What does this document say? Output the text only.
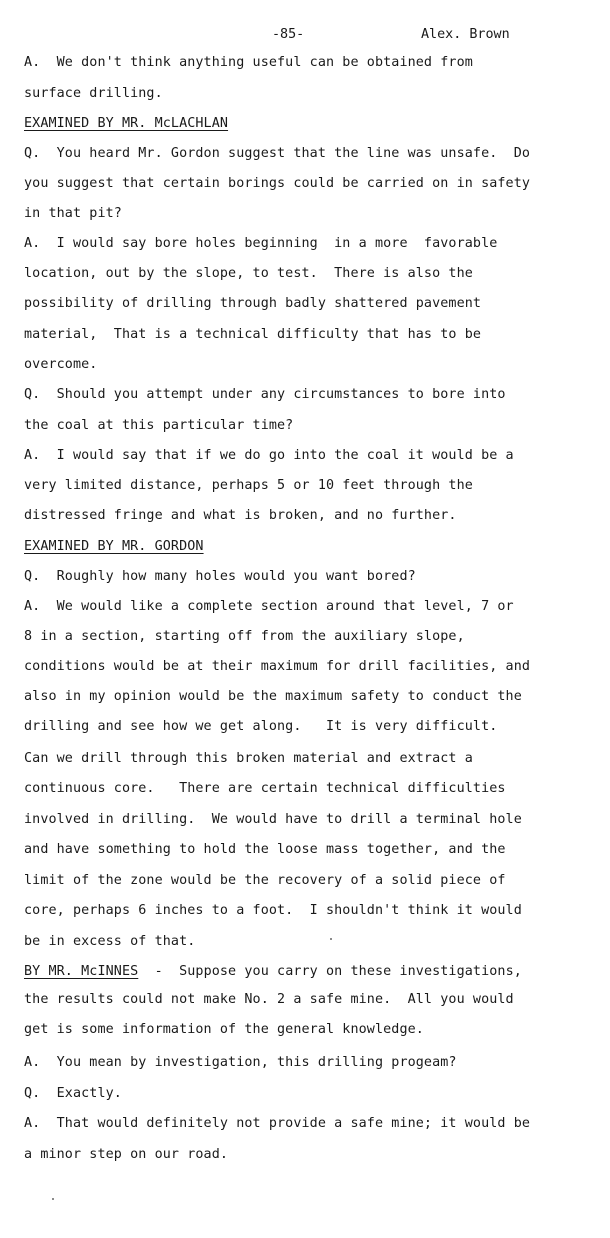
-85-	Alex. Brown
A.  We don't think anything useful can be obtained from
surface drilling.
EXAMINED BY MR. McLACHLAN
Q.  You heard Mr. Gordon suggest that the line was unsafe.  Do
you suggest that certain borings could be carried on in safety
in that pit?
A.  I would say bore holes beginning  in a more  favorable
location, out by the slope, to test.  There is also the
possibility of drilling through badly shattered pavement
material,  That is a technical difficulty that has to be
overcome.
Q.  Should you attempt under any circumstances to bore into
the coal at this particular time?
A.  I would say that if we do go into the coal it would be a
very limited distance, perhaps 5 or 10 feet through the
distressed fringe and what is broken, and no further.
EXAMINED BY MR. GORDON
Q.  Roughly how many holes would you want bored?
A.  We would like a complete section around that level, 7 or
8 in a section, starting off from the auxiliary slope,
conditions would be at their maximum for drill facilities, and
also in my opinion would be the maximum safety to conduct the
drilling and see how we get along.   It is very difficult.
Can we drill through this broken material and extract a
continuous core.   There are certain technical difficulties
involved in drilling.  We would have to drill a terminal hole
and have something to hold the loose mass together, and the
limit of the zone would be the recovery of a solid piece of
core, perhaps 6 inches to a foot.  I shouldn't think it would
be in excess of that.
BY MR. McINNES  -  Suppose you carry on these investigations,
the results could not make No. 2 a safe mine.  All you would
get is some information of the general knowledge.
A.  You mean by investigation, this drilling progeam?
Q.  Exactly.
A.  That would definitely not provide a safe mine; it would be
a minor step on our road.
